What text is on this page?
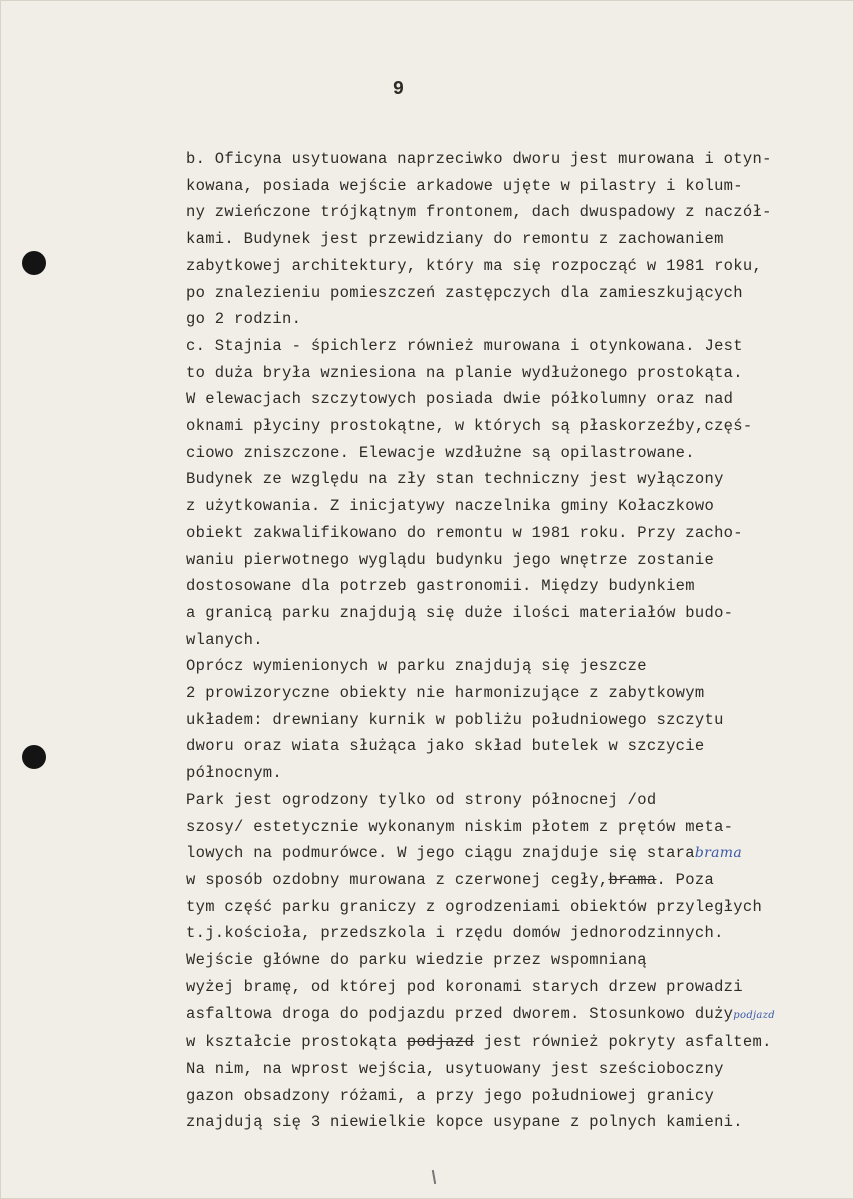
9
b. Oficyna usytuowana naprzeciwko dworu jest murowana i otyn-
kowana, posiada wejście arkadowe ujęte w pilastry i kolum-
ny zwieńczone trójkątnym frontonem, dach dwuspadowy z naczół-
kami. Budynek jest przewidziany do remontu z zachowaniem
zabytkowej architektury, który ma się rozpocząć w 1981 roku,
po znalezieniu pomieszczeń zastępczych dla zamieszkujących
go 2 rodzin.
c. Stajnia - śpichlerz również murowana i otynkowana. Jest
to duża bryła wzniesiona na planie wydłużonego prostokąta.
W elewacjach szczytowych posiada dwie półkolumny oraz nad
oknami płyciny prostokątne, w których są płaskorzeźby,częś-
ciowo zniszczone. Elewacje wzdłużne są opilastrowane.
Budynek ze względu na zły stan techniczny jest wyłączony
z użytkowania. Z inicjatywy naczelnika gminy Kołaczkowo
obiekt zakwalifikowano do remontu w 1981 roku. Przy zacho-
waniu pierwotnego wyglądu budynku jego wnętrze zostanie
dostosowane dla potrzeb gastronomii. Między budynkiem
a granicą parku znajdują się duże ilości materiałów budo-
wlanych.
Oprócz wymienionych w parku znajdują się jeszcze
2 prowizoryczne obiekty nie harmonizujące z zabytkowym
układem: drewniany kurnik w pobliżu południowego szczytu
dworu oraz wiata służąca jako skład butelek w szczycie
północnym.
Park jest ogrodzony tylko od strony północnej /od
szosy/ estetycznie wykonanym niskim płotem z prętów meta-
lowych na podmurówce. W jego ciągu znajduje się starabrama
w sposób ozdobny murowana z czerwonej cegły,brama. Poza
tym część parku graniczy z ogrodzeniami obiektów przyległych
t.j.kościoła, przedszkola i rzędu domów jednorodzinnych.
Wejście główne do parku wiedzie przez wspomnianą
wyżej bramę, od której pod koronami starych drzew prowadzi
asfaltowa droga do podjazdu przed dworem. Stosunkowo dużypodjazd
w kształcie prostokąta podjazd jest również pokryty asfaltem.
Na nim, na wprost wejścia, usytuowany jest sześcioboczny
gazon obsadzony różami, a przy jego południowej granicy
znajdują się 3 niewielkie kopce usypane z polnych kamieni.
